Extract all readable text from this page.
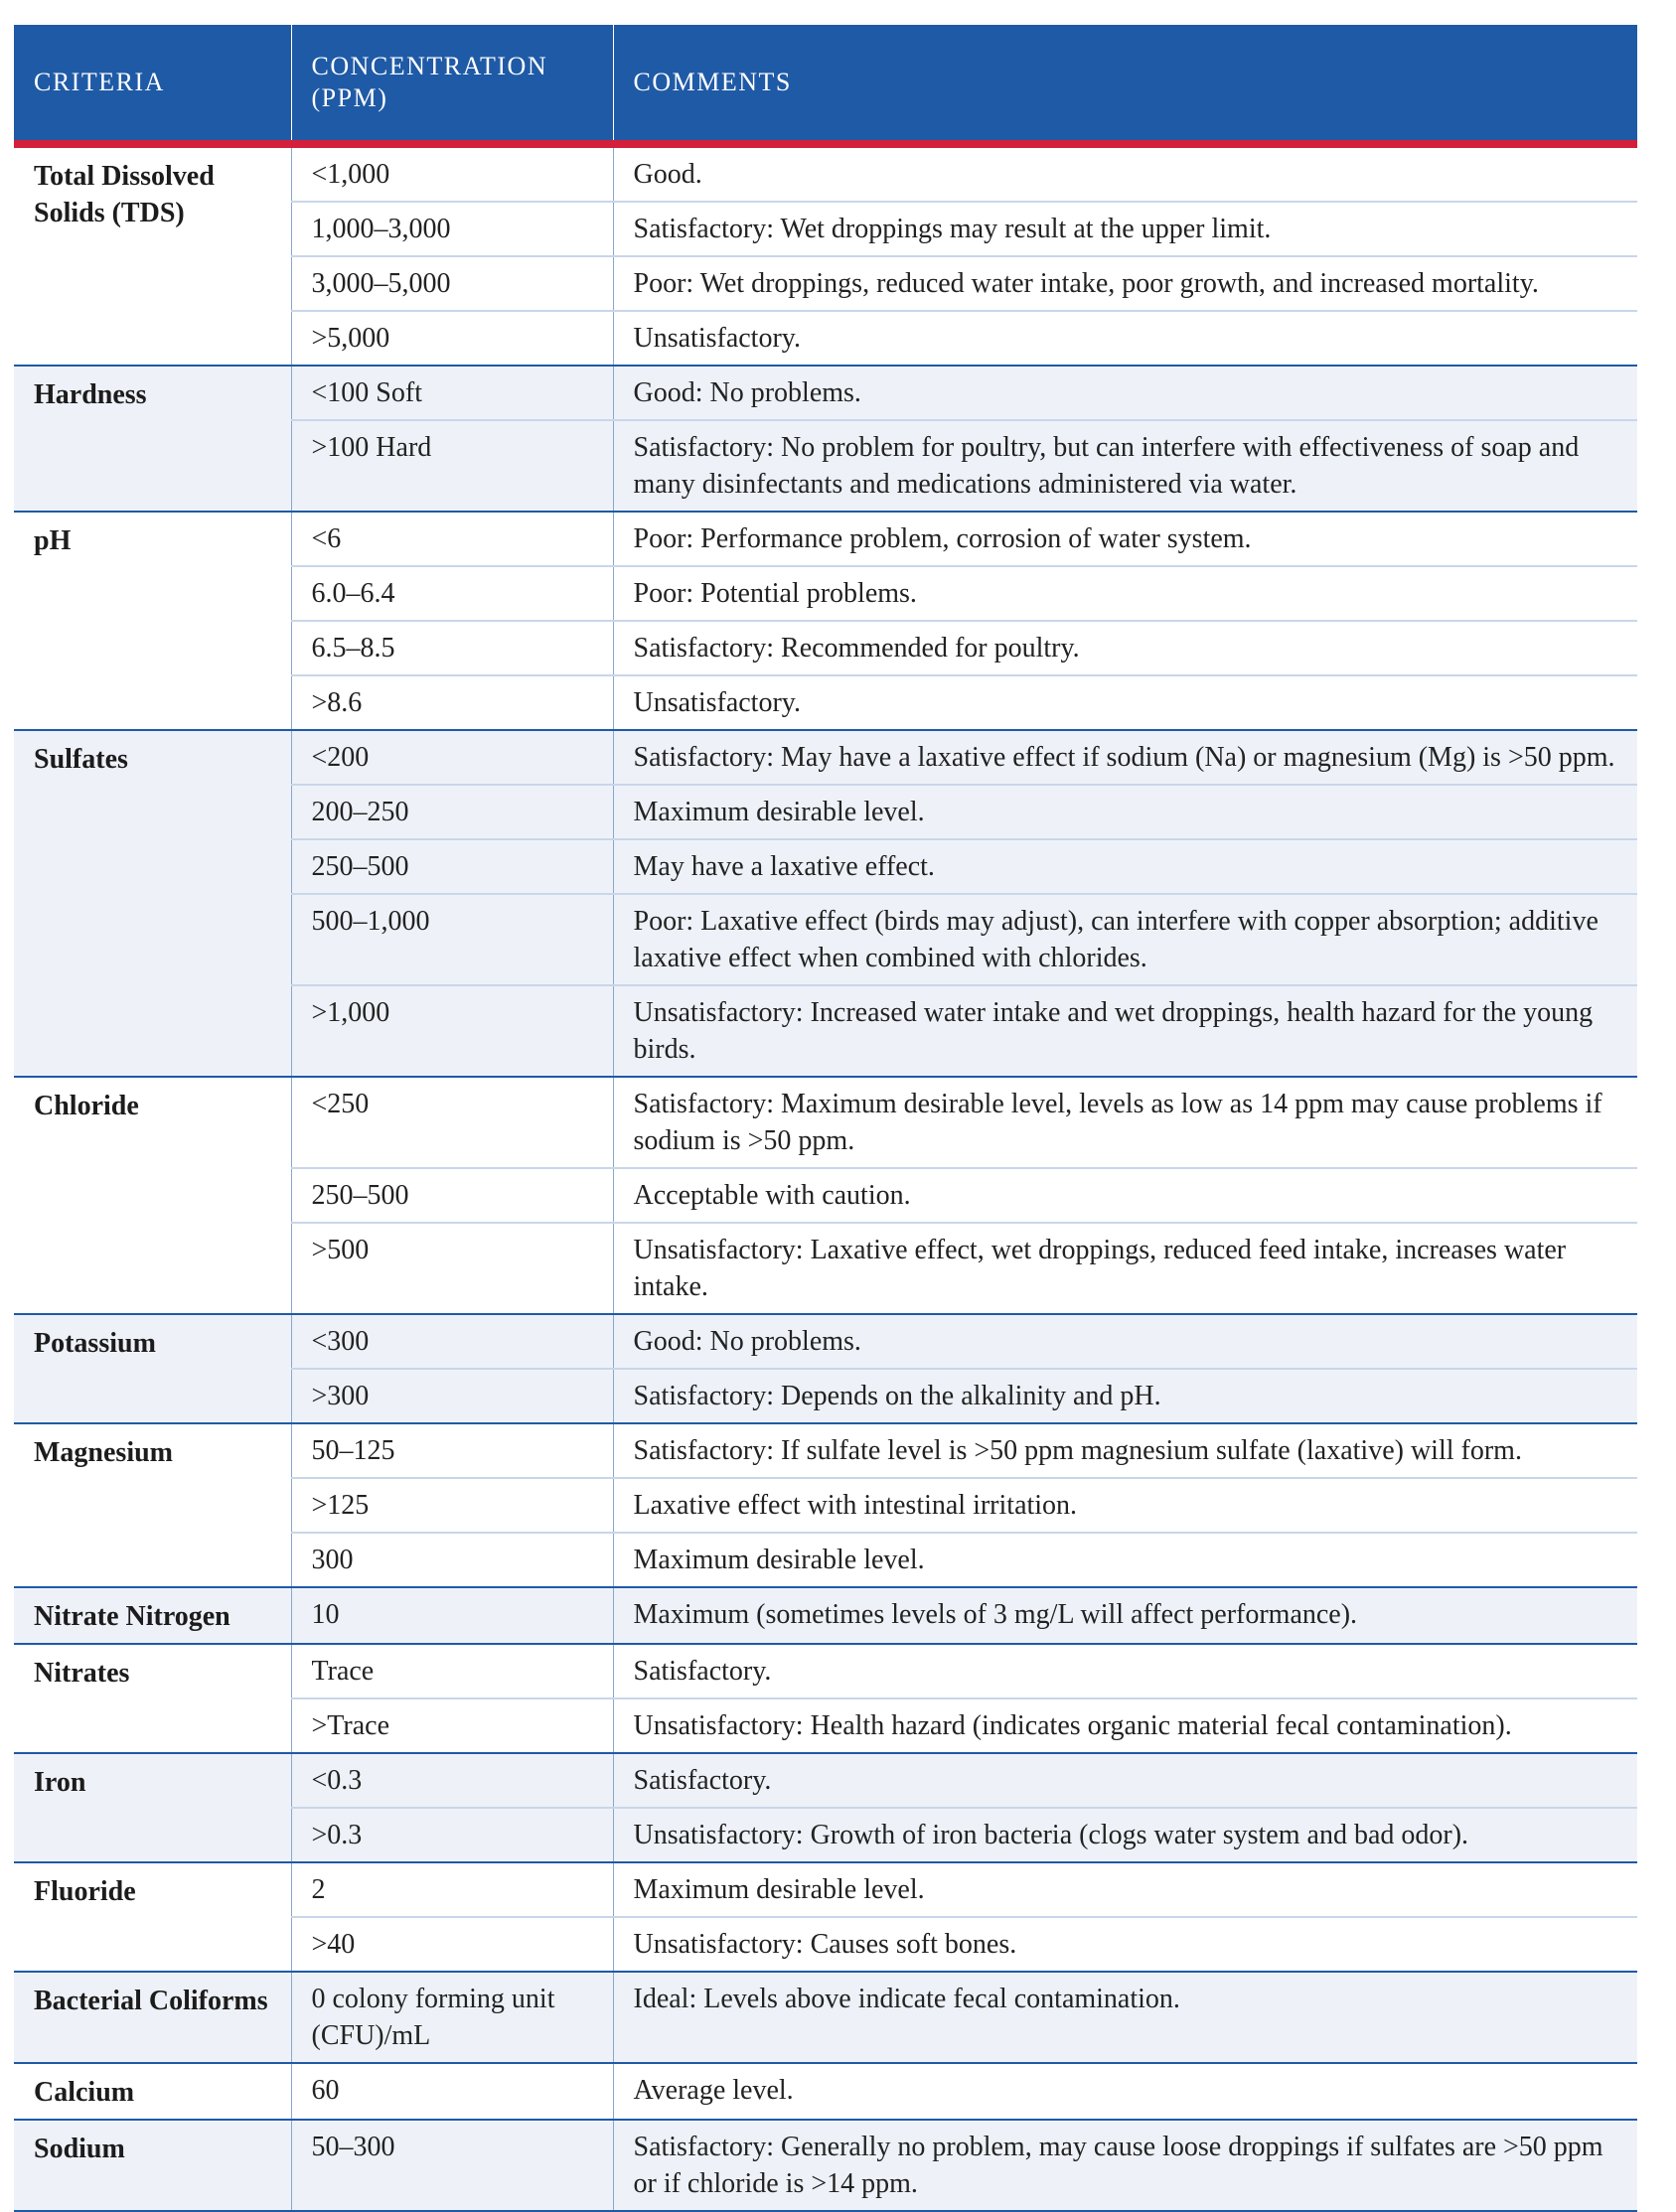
CRITERIA	CONCENTRATION (PPM)	COMMENTS
Total Dissolved Solids (TDS)	<1,000	Good.
	1,000–3,000	Satisfactory: Wet droppings may result at the upper limit.
	3,000–5,000	Poor: Wet droppings, reduced water intake, poor growth, and increased mortality.
	>5,000	Unsatisfactory.
Hardness	<100 Soft	Good: No problems.
	>100 Hard	Satisfactory: No problem for poultry, but can interfere with effectiveness of soap and many disinfectants and medications administered via water.
pH	<6	Poor: Performance problem, corrosion of water system.
	6.0–6.4	Poor: Potential problems.
	6.5–8.5	Satisfactory: Recommended for poultry.
	>8.6	Unsatisfactory.
Sulfates	<200	Satisfactory: May have a laxative effect if sodium (Na) or magnesium (Mg) is >50 ppm.
	200–250	Maximum desirable level.
	250–500	May have a laxative effect.
	500–1,000	Poor: Laxative effect (birds may adjust), can interfere with copper absorption; additive laxative effect when combined with chlorides.
	>1,000	Unsatisfactory: Increased water intake and wet droppings, health hazard for the young birds.
Chloride	<250	Satisfactory: Maximum desirable level, levels as low as 14 ppm may cause problems if sodium is >50 ppm.
	250–500	Acceptable with caution.
	>500	Unsatisfactory: Laxative effect, wet droppings, reduced feed intake, increases water intake.
Potassium	<300	Good: No problems.
	>300	Satisfactory: Depends on the alkalinity and pH.
Magnesium	50–125	Satisfactory: If sulfate level is >50 ppm magnesium sulfate (laxative) will form.
	>125	Laxative effect with intestinal irritation.
	300	Maximum desirable level.
Nitrate Nitrogen	10	Maximum (sometimes levels of 3 mg/L will affect performance).
Nitrates	Trace	Satisfactory.
	>Trace	Unsatisfactory: Health hazard (indicates organic material fecal contamination).
Iron	<0.3	Satisfactory.
	>0.3	Unsatisfactory: Growth of iron bacteria (clogs water system and bad odor).
Fluoride	2	Maximum desirable level.
	>40	Unsatisfactory: Causes soft bones.
Bacterial Coliforms	0 colony forming unit (CFU)/mL	Ideal: Levels above indicate fecal contamination.
Calcium	60	Average level.
Sodium	50–300	Satisfactory: Generally no problem, may cause loose droppings if sulfates are >50 ppm or if chloride is >14 ppm.
